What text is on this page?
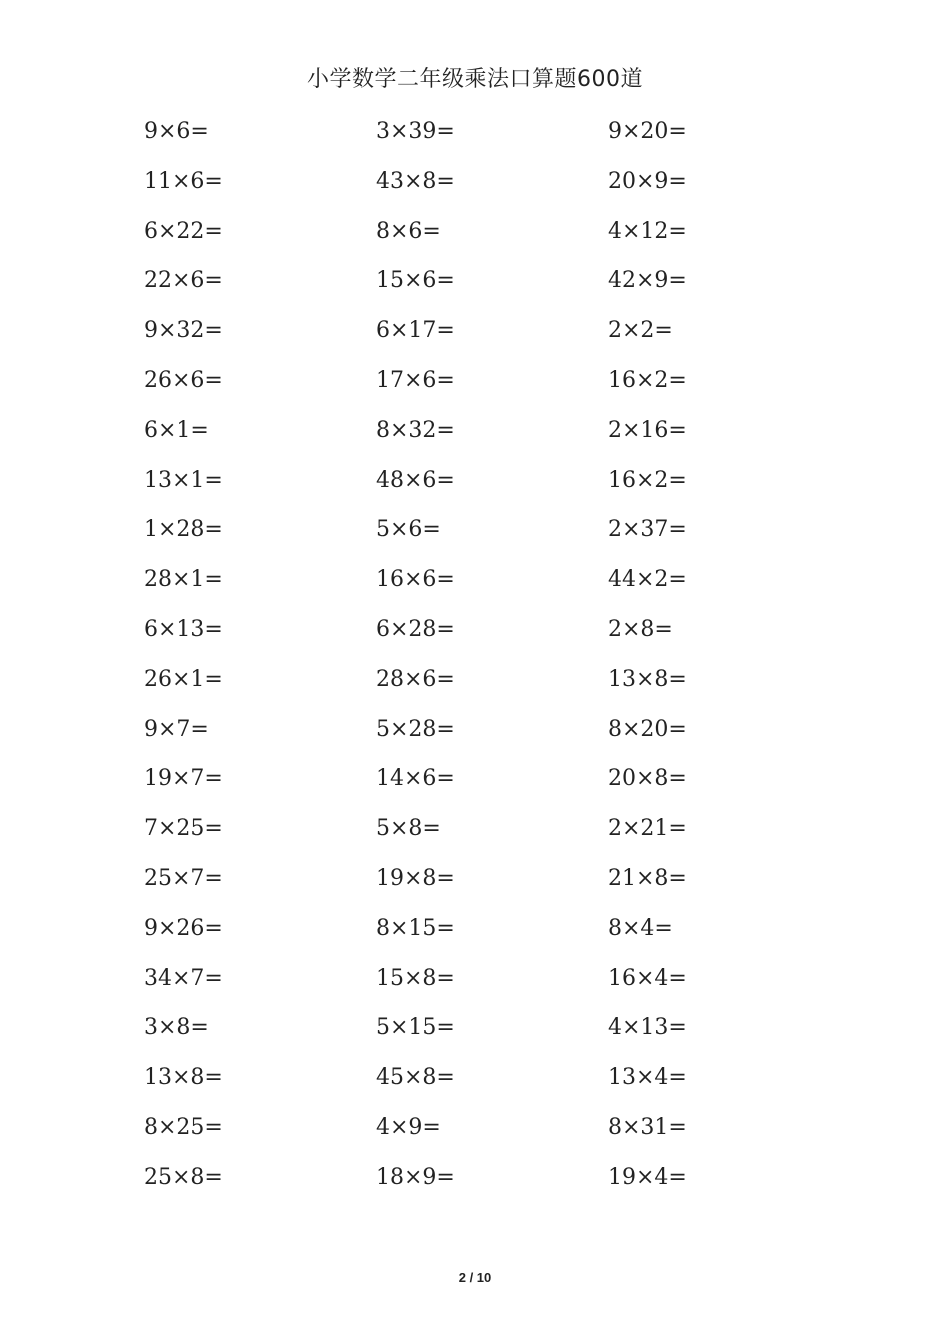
小学数学二年级乘法口算题600道
9×6=	3×39=	9×20=
11×6=	43×8=	20×9=
6×22=	8×6=	4×12=
22×6=	15×6=	42×9=
9×32=	6×17=	2×2=
26×6=	17×6=	16×2=
6×1=	8×32=	2×16=
13×1=	48×6=	16×2=
1×28=	5×6=	2×37=
28×1=	16×6=	44×2=
6×13=	6×28=	2×8=
26×1=	28×6=	13×8=
9×7=	5×28=	8×20=
19×7=	14×6=	20×8=
7×25=	5×8=	2×21=
25×7=	19×8=	21×8=
9×26=	8×15=	8×4=
34×7=	15×8=	16×4=
3×8=	5×15=	4×13=
13×8=	45×8=	13×4=
8×25=	4×9=	8×31=
25×8=	18×9=	19×4=
2 / 10
